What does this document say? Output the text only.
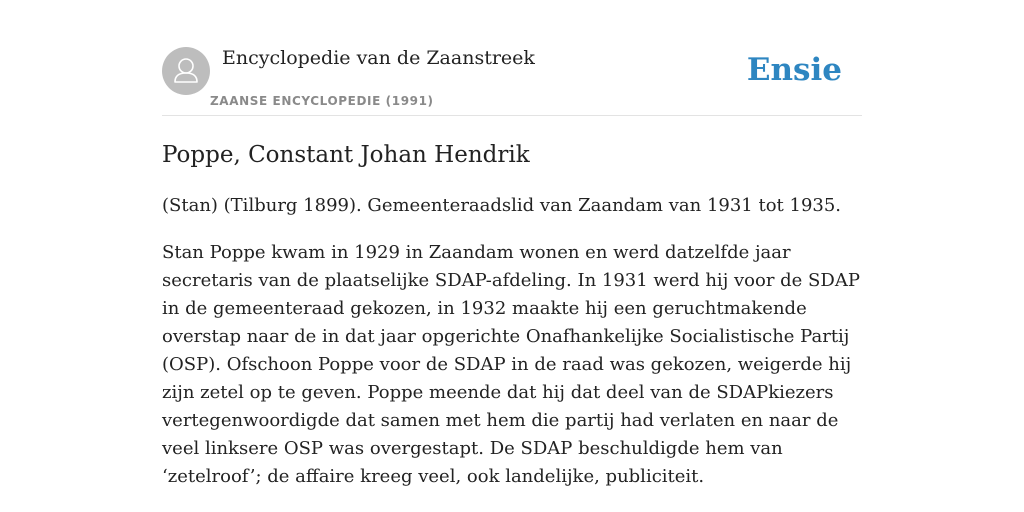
Encyclopedie van de Zaanstreek
ZAANSE ENCYCLOPEDIE (1991)
Ensie
Poppe, Constant Johan Hendrik

(Stan) (Tilburg 1899). Gemeenteraadslid van Zaandam van 1931 tot 1935.

Stan Poppe kwam in 1929 in Zaandam wonen en werd datzelfde jaar secretaris van de plaatselijke SDAP-afdeling. In 1931 werd hij voor de SDAP in de gemeenteraad gekozen, in 1932 maakte hij een geruchtmakende overstap naar de in dat jaar opgerichte Onafhankelijke Socialistische Partij (OSP). Ofschoon Poppe voor de SDAP in de raad was gekozen, weigerde hij zijn zetel op te geven. Poppe meende dat hij dat deel van de SDAPkiezers vertegenwoordigde dat samen met hem die partij had verlaten en naar de veel linksere OSP was overgestapt. De SDAP beschuldigde hem van ‘zetelroof’; de affaire kreeg veel, ook landelijke, publiciteit.
